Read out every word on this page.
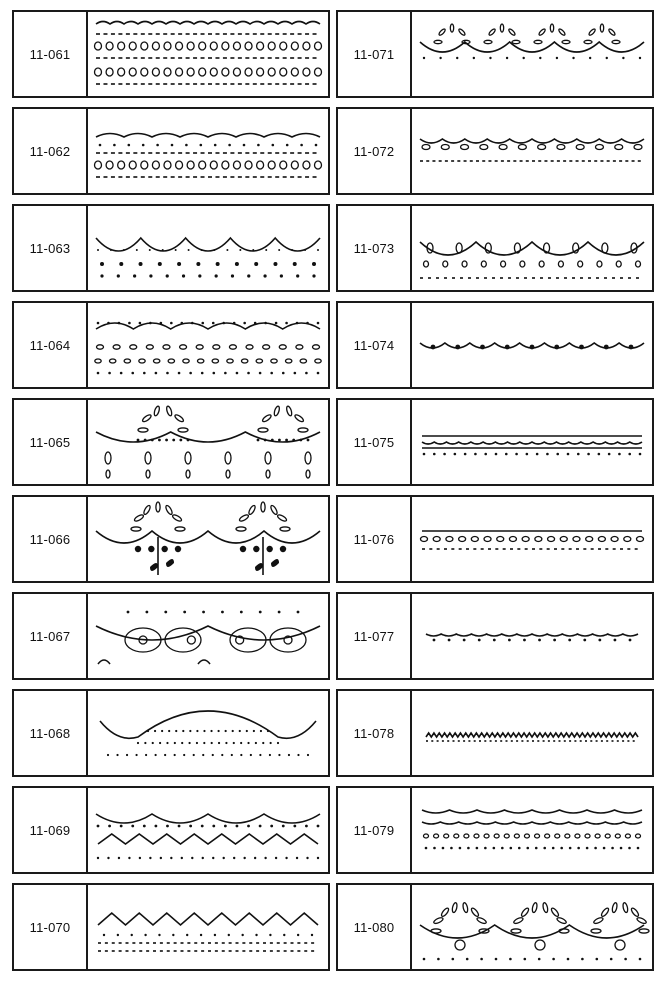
11-061
11-062
11-063
11-064
11-065
11-066
11-067
11-068
11-069
11-070
11-071
11-072
11-073
11-074
11-075
11-076
11-077
11-078
11-079
11-080
